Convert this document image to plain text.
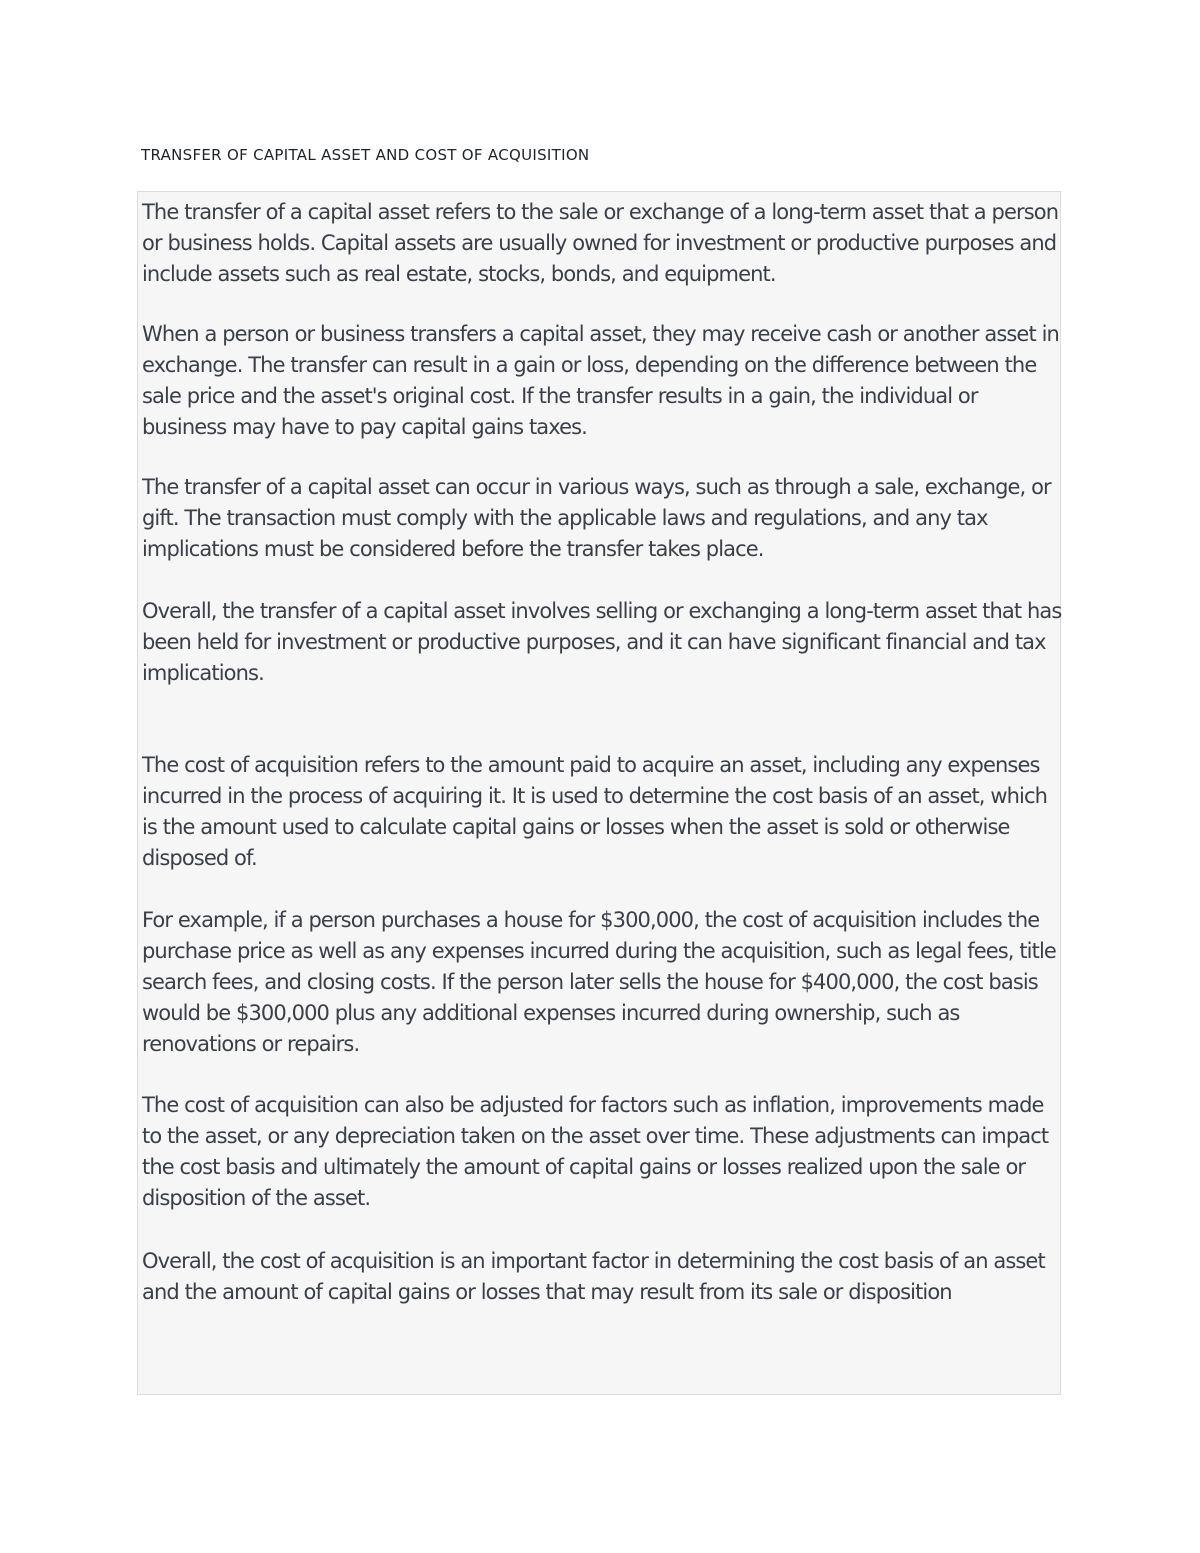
TRANSFER OF CAPITAL ASSET AND COST OF ACQUISITION

The transfer of a capital asset refers to the sale or exchange of a long-term asset that a person or business holds. Capital assets are usually owned for investment or productive purposes and include assets such as real estate, stocks, bonds, and equipment.

When a person or business transfers a capital asset, they may receive cash or another asset in exchange. The transfer can result in a gain or loss, depending on the difference between the sale price and the asset's original cost. If the transfer results in a gain, the individual or business may have to pay capital gains taxes.

The transfer of a capital asset can occur in various ways, such as through a sale, exchange, or gift. The transaction must comply with the applicable laws and regulations, and any tax implications must be considered before the transfer takes place.

Overall, the transfer of a capital asset involves selling or exchanging a long-term asset that has been held for investment or productive purposes, and it can have significant financial and tax implications.

The cost of acquisition refers to the amount paid to acquire an asset, including any expenses incurred in the process of acquiring it. It is used to determine the cost basis of an asset, which is the amount used to calculate capital gains or losses when the asset is sold or otherwise disposed of.

For example, if a person purchases a house for $300,000, the cost of acquisition includes the purchase price as well as any expenses incurred during the acquisition, such as legal fees, title search fees, and closing costs. If the person later sells the house for $400,000, the cost basis would be $300,000 plus any additional expenses incurred during ownership, such as renovations or repairs.

The cost of acquisition can also be adjusted for factors such as inflation, improvements made to the asset, or any depreciation taken on the asset over time. These adjustments can impact the cost basis and ultimately the amount of capital gains or losses realized upon the sale or disposition of the asset.

Overall, the cost of acquisition is an important factor in determining the cost basis of an asset and the amount of capital gains or losses that may result from its sale or disposition
